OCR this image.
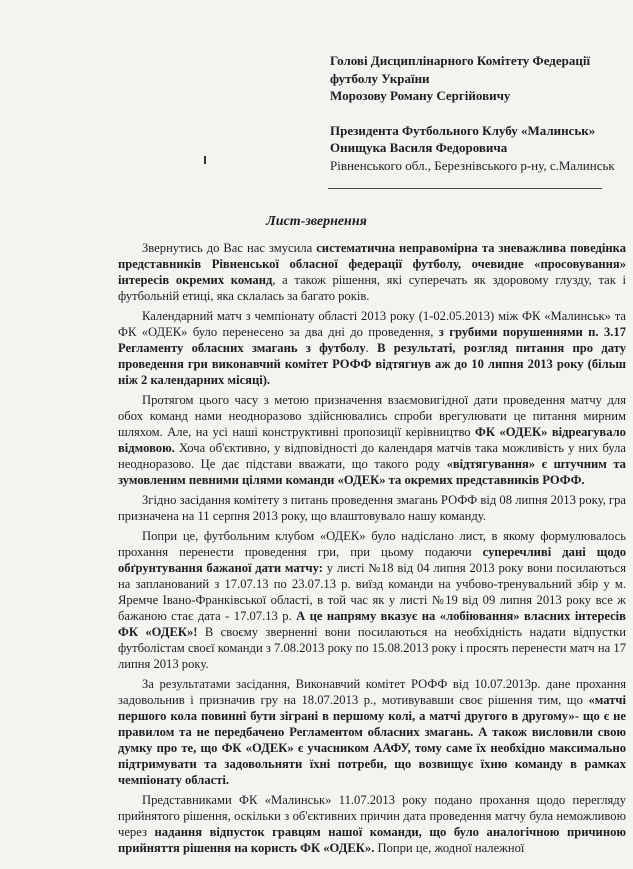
Голові Дисциплінарного Комітету Федерації
футболу України
Морозову Роману Сергійовичу
Президента Футбольного Клубу «Малинськ»
Онищука Василя Федоровича
Рівненського обл., Березнівського р-ну, с.Малинськ
Лист-звернення

Звернутись до Вас нас змусила систематична неправомірна та зневажлива поведінка представників Рівненської обласної федерації футболу, очевидне «просовування» інтересів окремих команд, а також рішення, які суперечать як здоровому глузду, так і футбольній етиці, яка склалась за багато років.

Календарний матч з чемпіонату області 2013 року (1-02.05.2013) між ФК «Малинськ» та ФК «ОДЕК» було перенесено за два дні до проведення, з грубими порушеннями п. 3.17 Регламенту обласних змагань з футболу. В результаті, розгляд питання про дату проведення гри виконавчий комітет РОФФ відтягнув аж до 10 липня 2013 року (більш ніж 2 календарних місяці).

Протягом цього часу з метою призначення взаємовигідної дати проведення матчу для обох команд нами неодноразово здійснювались спроби врегулювати це питання мирним шляхом. Але, на усі наші конструктивні пропозиції керівництво ФК «ОДЕК» відреагувало відмовою. Хоча об'єктивно, у відповідності до календаря матчів така можливість у них була неодноразово. Це дає підстави вважати, що такого роду «відтягування» є штучним та зумовленим певними цілями команди «ОДЕК» та окремих представників РОФФ.

Згідно засідання комітету з питань проведення змагань РОФФ від 08 липня 2013 року, гра призначена на 11 серпня 2013 року, що влаштовувало нашу команду.

Попри це, футбольним клубом «ОДЕК» було надіслано лист, в якому формулювалось прохання перенести проведення гри, при цьому подаючи суперечливі дані щодо обґрунтування бажаної дати матчу: у листі №18 від 04 липня 2013 року вони посилаються на запланований з 17.07.13 по 23.07.13 р. виїзд команди на учбово-тренувальний збір у м. Яремче Івано-Франківської області, в той час як у листі №19 від 09 липня 2013 року все ж бажаною стає дата - 17.07.13 р. А це напряму вказує на «лобіювання» власних інтересів ФК «ОДЕК»! В своєму зверненні вони посилаються на необхідність надати відпустки футболістам своєї команди з 7.08.2013 року по 15.08.2013 року і просять перенести матч на 17 липня 2013 року.

За результатами засідання, Виконавчий комітет РОФФ від 10.07.2013р. дане прохання задовольнив і призначив гру на 18.07.2013 р., мотивувавши своє рішення тим, що «матчі першого кола повинні бути зіграні в першому колі, а матчі другого в другому»- що є не правилом та не передбачено Регламентом обласних змагань. А також висловили свою думку про те, що ФК «ОДЕК» є учасником ААФУ, тому саме їх необхідно максимально підтримувати та задовольняти їхні потреби, що возвищує їхню команду в рамках чемпіонату області.

Представниками ФК «Малинськ» 11.07.2013 року подано прохання щодо перегляду прийнятого рішення, оскільки з об'єктивних причин дата проведення матчу була неможливою через надання відпусток гравцям нашої команди, що було аналогічною причиною прийняття рішення на користь ФК «ОДЕК». Попри це, жодної належної
